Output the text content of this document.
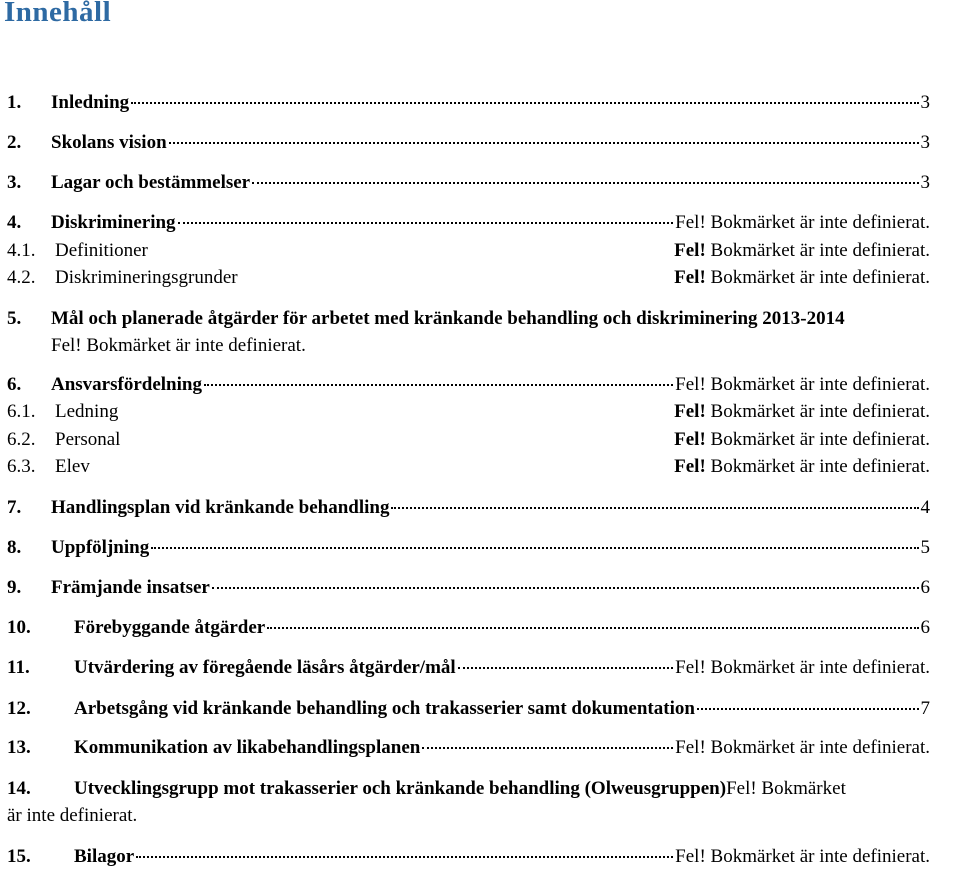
Innehåll
1.	Inledning	3
2.	Skolans vision	3
3.	Lagar och bestämmelser	3
4.	Diskriminering	Fel! Bokmärket är inte definierat.
4.1.	Definitioner	Fel! Bokmärket är inte definierat.
4.2.	Diskrimineringsgrunder	Fel! Bokmärket är inte definierat.
5.	Mål och planerade åtgärder för arbetet med kränkande behandling och diskriminering 2013-2014
Fel! Bokmärket är inte definierat.
6.	Ansvarsfördelning	Fel! Bokmärket är inte definierat.
6.1.	Ledning	Fel! Bokmärket är inte definierat.
6.2.	Personal	Fel! Bokmärket är inte definierat.
6.3.	Elev	Fel! Bokmärket är inte definierat.
7.	Handlingsplan vid kränkande behandling	4
8.	Uppföljning	5
9.	Främjande insatser	6
10.	Förebyggande åtgärder	6
11.	Utvärdering av föregående läsårs åtgärder/mål	Fel! Bokmärket är inte definierat.
12.	Arbetsgång vid kränkande behandling och trakasserier samt dokumentation	7
13.	Kommunikation av likabehandlingsplanen	Fel! Bokmärket är inte definierat.
14.	Utvecklingsgrupp mot trakasserier och kränkande behandling (Olweusgruppen) Fel! Bokmärket
är inte definierat.
15.	Bilagor	Fel! Bokmärket är inte definierat.
